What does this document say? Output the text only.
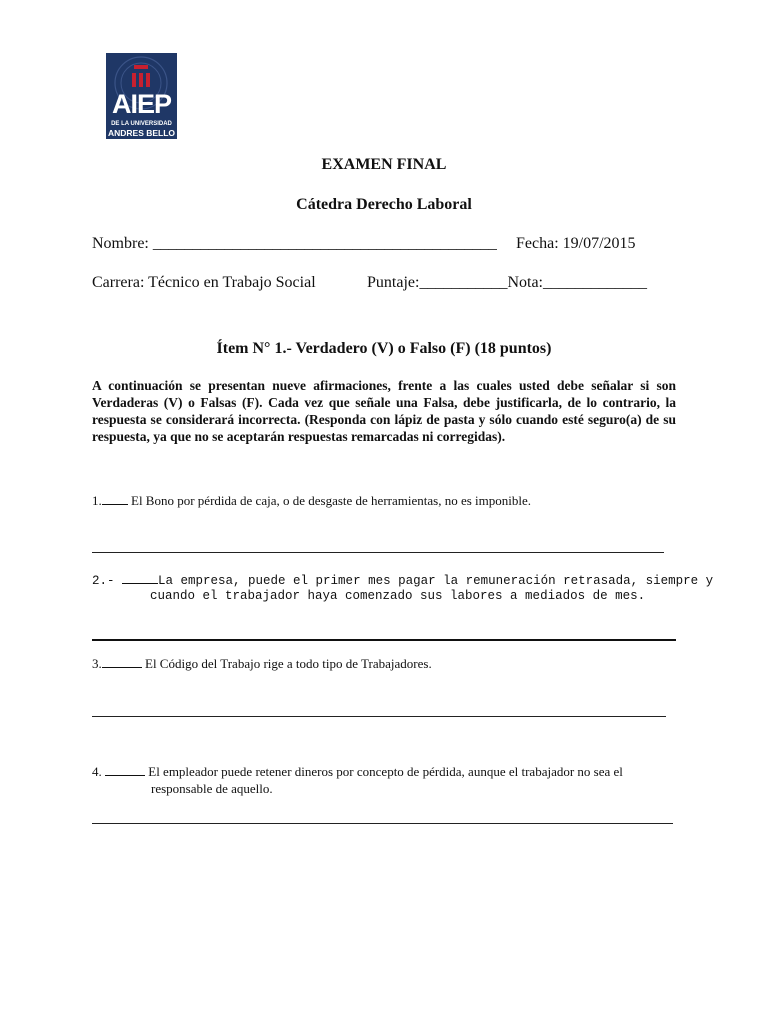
AIEP
DE LA UNIVERSIDAD
ANDRES BELLO
EXAMEN FINAL
Cátedra Derecho Laboral
Nombre: ___________________________________________ Fecha: 19/07/2015
Carrera: Técnico en Trabajo Social	Puntaje:___________Nota:_____________
Ítem N° 1.- Verdadero (V) o Falso (F) (18 puntos)
A continuación se presentan nueve afirmaciones, frente a las cuales usted debe señalar si son Verdaderas (V) o Falsas (F). Cada vez que señale una Falsa, debe justificarla, de lo contrario, la respuesta se considerará incorrecta. (Responda con lápiz de pasta y sólo cuando esté seguro(a) de su respuesta, ya que no se aceptarán respuestas remarcadas ni corregidas).
1. El Bono por pérdida de caja, o de desgaste de herramientas, no es imponible.
2.-	La empresa, puede el primer mes pagar la remuneración retrasada, siempre y
cuando el trabajador haya comenzado sus labores a mediados de mes.
3.	El Código del Trabajo rige a todo tipo de Trabajadores.
4.	El empleador puede retener dineros por concepto de pérdida, aunque el trabajador no sea el
responsable de aquello.
